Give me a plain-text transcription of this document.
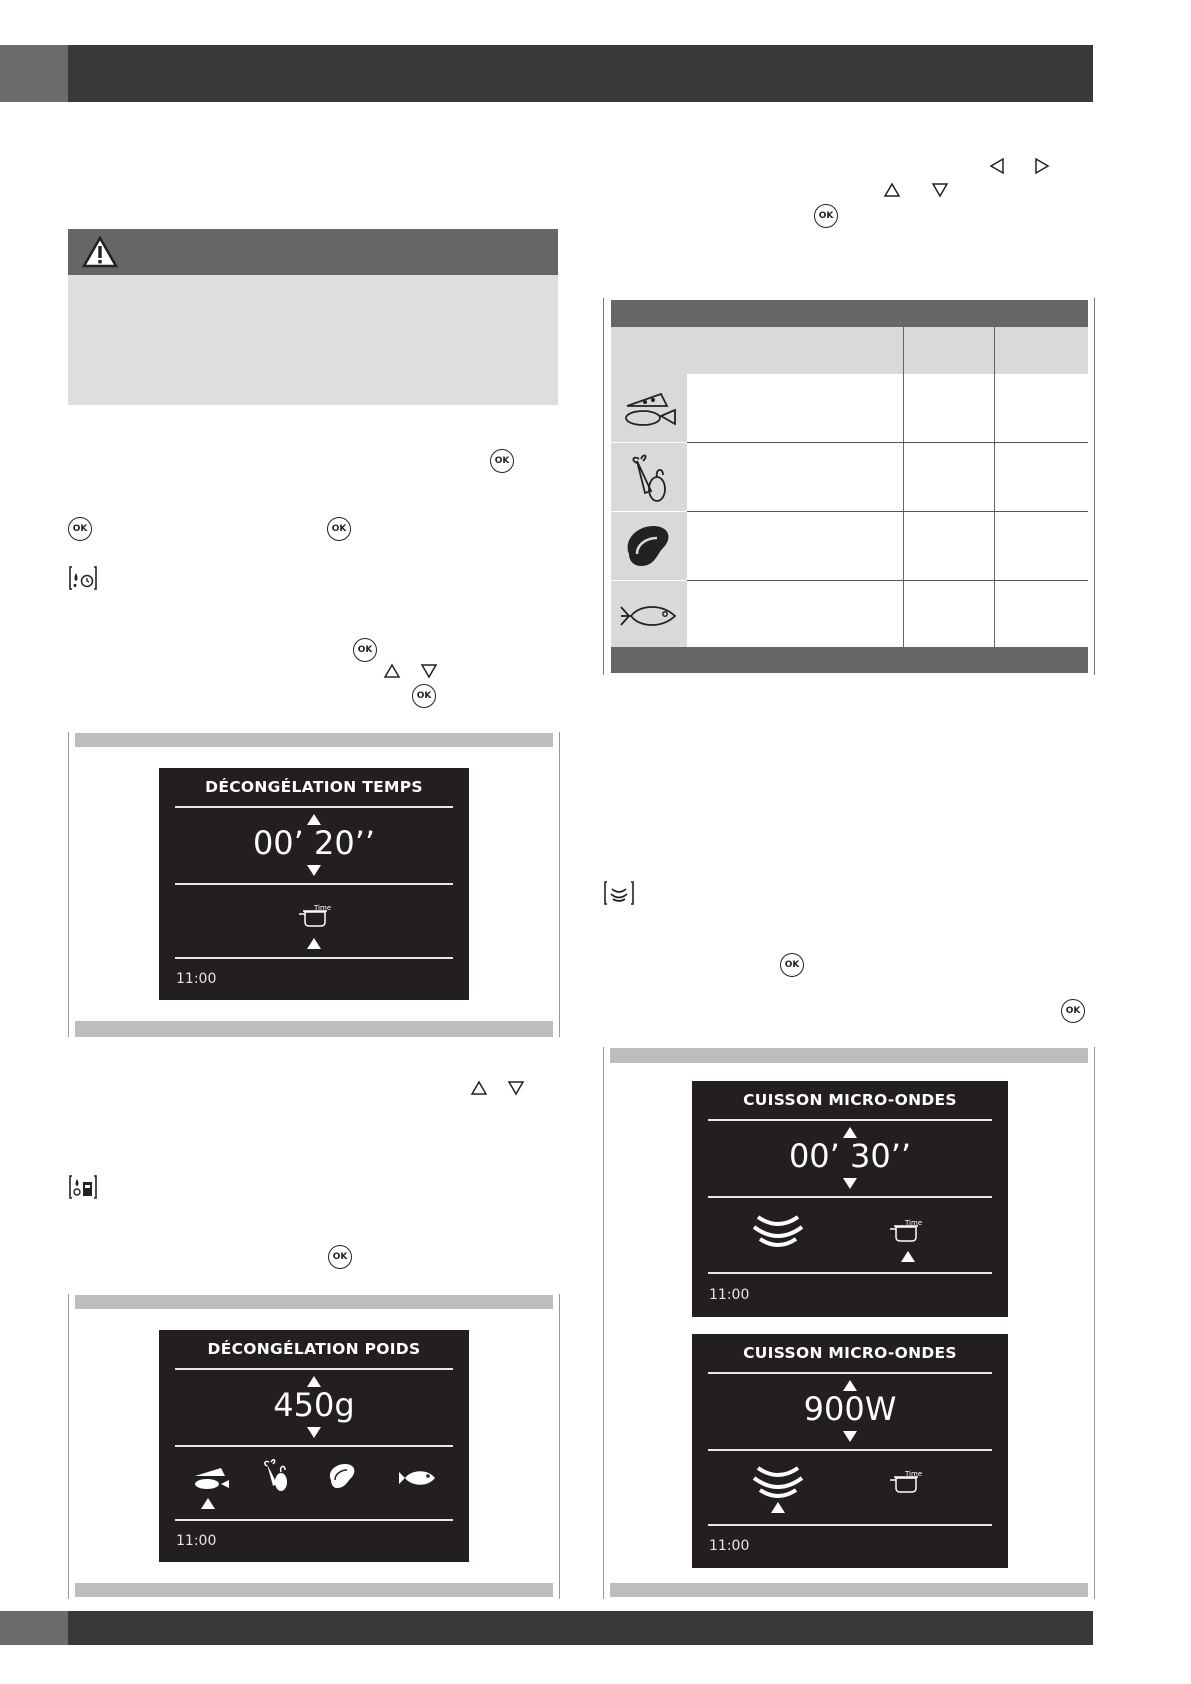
OK
OK	OK
OK
OK
DÉCONGÉLATION TEMPS
00’ 20’’
Time
11:00
OK
DÉCONGÉLATION POIDS
450g
11:00
OK
OK
OK
CUISSON MICRO-ONDES
00’ 30’’
Time
11:00
CUISSON MICRO-ONDES
900W
Time
11:00
